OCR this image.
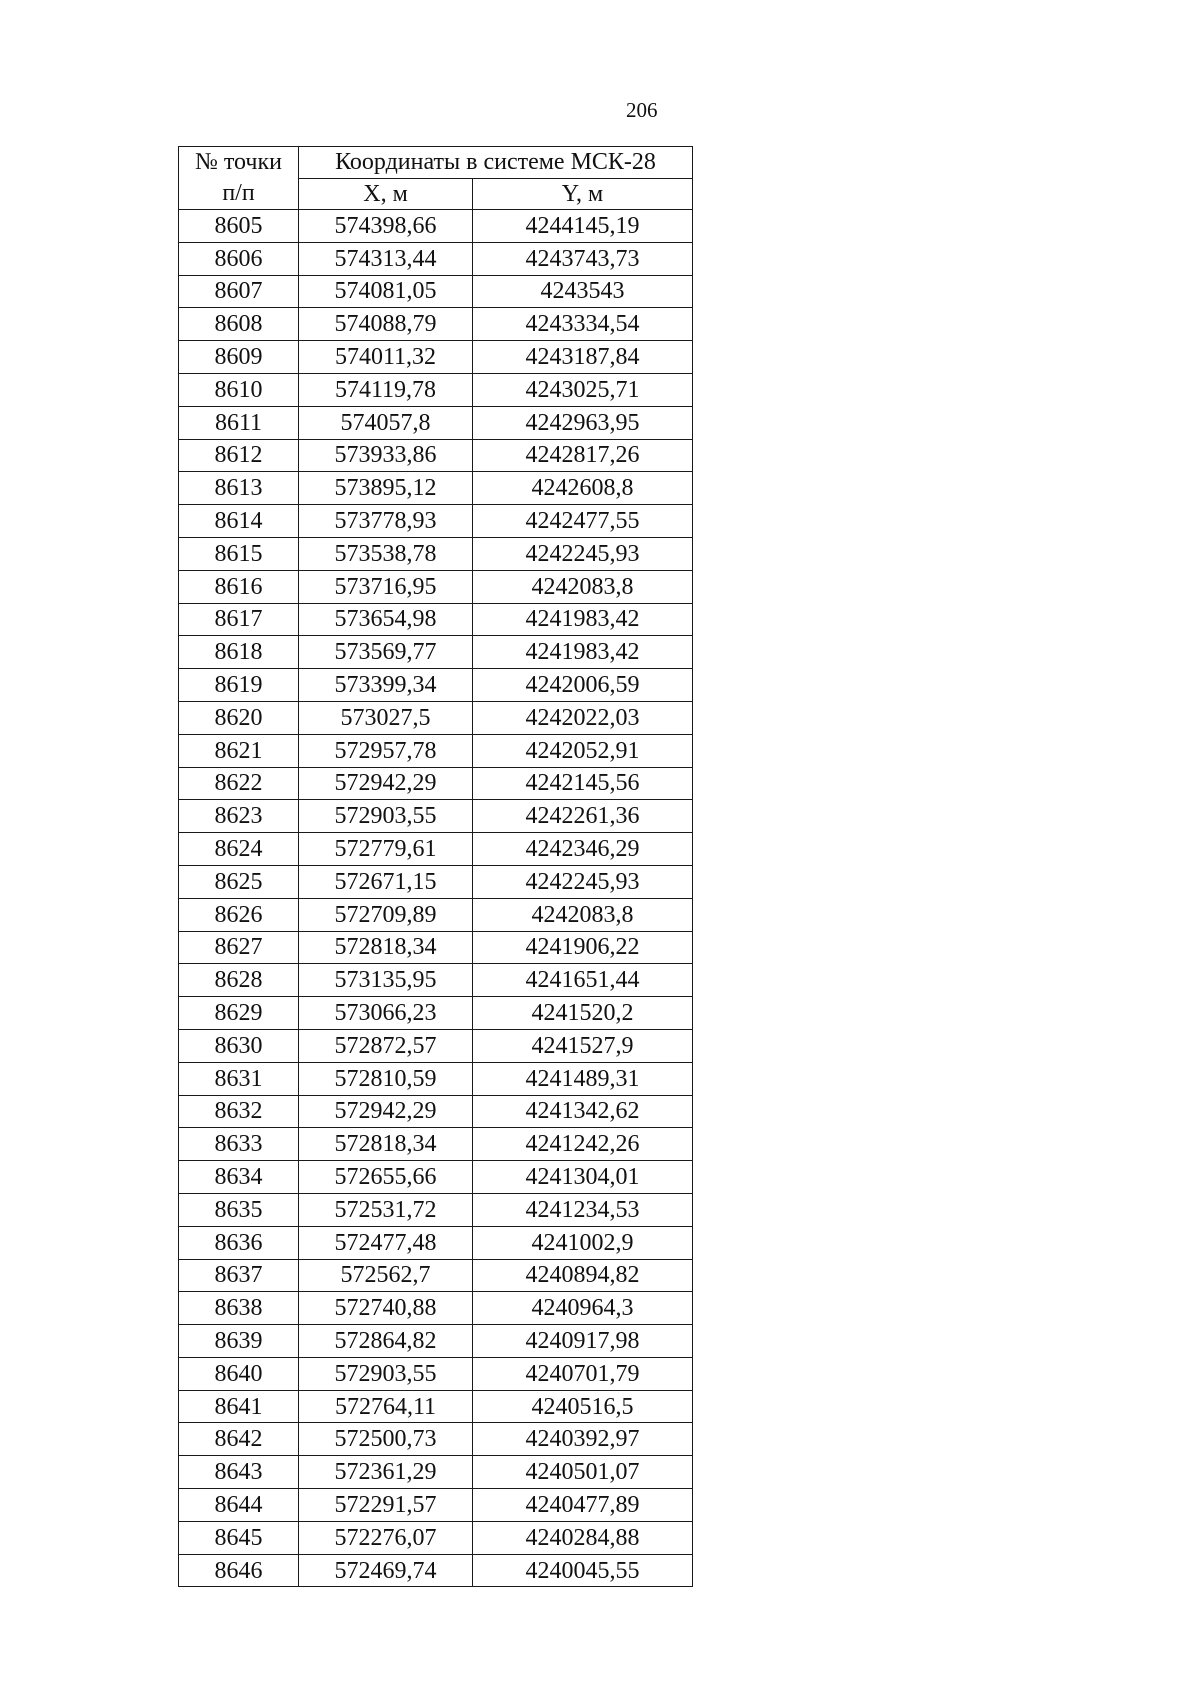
206
№ точки
п/п	Координаты в системе МСК-28	
	X, м	Y, м
8605	574398,66	4244145,19
8606	574313,44	4243743,73
8607	574081,05	4243543
8608	574088,79	4243334,54
8609	574011,32	4243187,84
8610	574119,78	4243025,71
8611	574057,8	4242963,95
8612	573933,86	4242817,26
8613	573895,12	4242608,8
8614	573778,93	4242477,55
8615	573538,78	4242245,93
8616	573716,95	4242083,8
8617	573654,98	4241983,42
8618	573569,77	4241983,42
8619	573399,34	4242006,59
8620	573027,5	4242022,03
8621	572957,78	4242052,91
8622	572942,29	4242145,56
8623	572903,55	4242261,36
8624	572779,61	4242346,29
8625	572671,15	4242245,93
8626	572709,89	4242083,8
8627	572818,34	4241906,22
8628	573135,95	4241651,44
8629	573066,23	4241520,2
8630	572872,57	4241527,9
8631	572810,59	4241489,31
8632	572942,29	4241342,62
8633	572818,34	4241242,26
8634	572655,66	4241304,01
8635	572531,72	4241234,53
8636	572477,48	4241002,9
8637	572562,7	4240894,82
8638	572740,88	4240964,3
8639	572864,82	4240917,98
8640	572903,55	4240701,79
8641	572764,11	4240516,5
8642	572500,73	4240392,97
8643	572361,29	4240501,07
8644	572291,57	4240477,89
8645	572276,07	4240284,88
8646	572469,74	4240045,55
